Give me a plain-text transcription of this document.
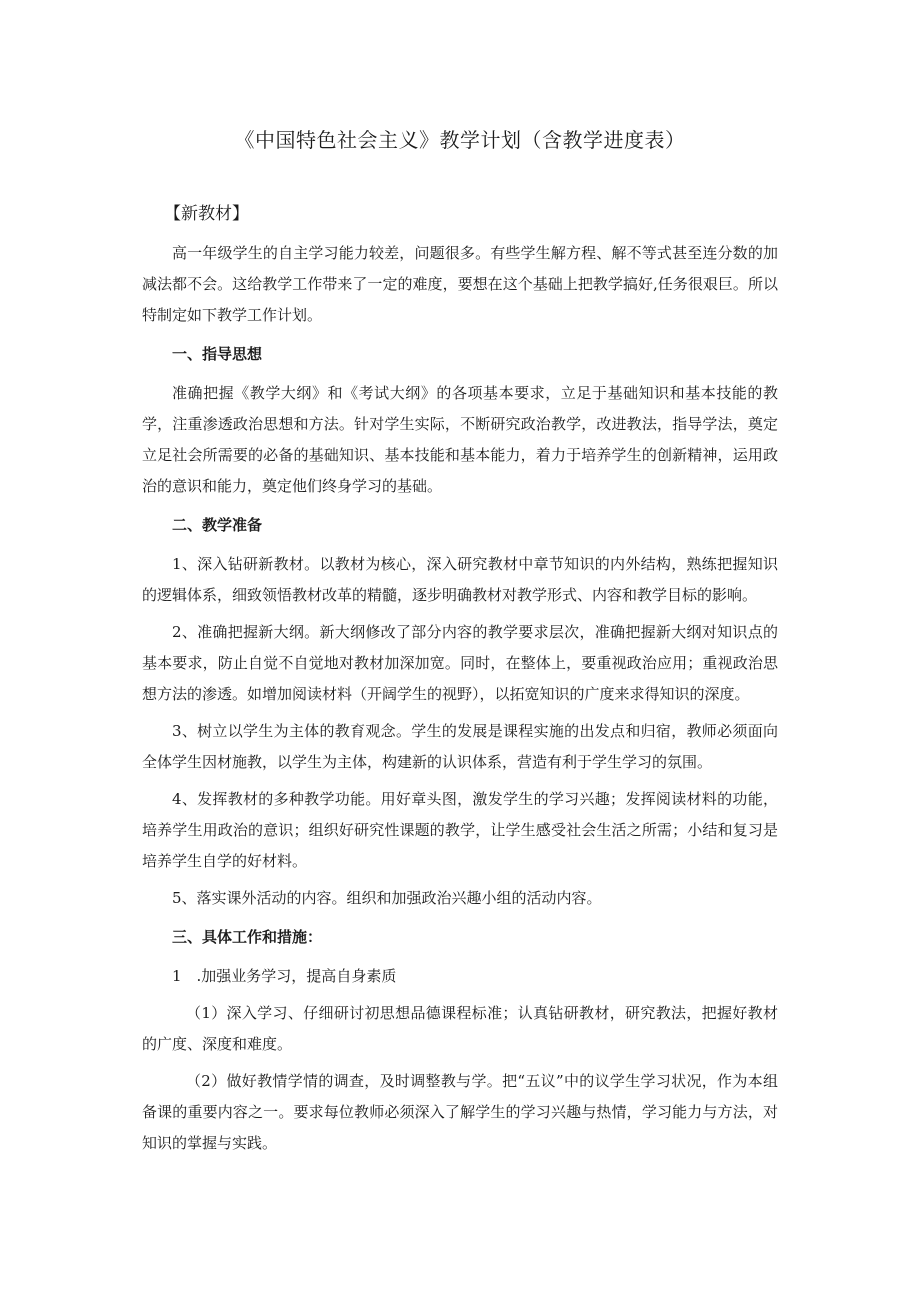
《中国特色社会主义》教学计划（含教学进度表）
【新教材】

高一年级学生的自主学习能力较差，问题很多。有些学生解方程、解不等式甚至连分数的加减法都不会。这给教学工作带来了一定的难度，要想在这个基础上把教学搞好,任务很艰巨。所以特制定如下教学工作计划。

一、指导思想

准确把握《教学大纲》和《考试大纲》的各项基本要求，立足于基础知识和基本技能的教学，注重渗透政治思想和方法。针对学生实际，不断研究政治教学，改进教法，指导学法，奠定立足社会所需要的必备的基础知识、基本技能和基本能力，着力于培养学生的创新精神，运用政治的意识和能力，奠定他们终身学习的基础。

二、教学准备

1、深入钻研新教材。以教材为核心，深入研究教材中章节知识的内外结构，熟练把握知识的逻辑体系，细致领悟教材改革的精髓，逐步明确教材对教学形式、内容和教学目标的影响。

2、准确把握新大纲。新大纲修改了部分内容的教学要求层次，准确把握新大纲对知识点的基本要求，防止自觉不自觉地对教材加深加宽。同时，在整体上，要重视政治应用；重视政治思想方法的渗透。如增加阅读材料（开阔学生的视野），以拓宽知识的广度来求得知识的深度。

3、树立以学生为主体的教育观念。学生的发展是课程实施的出发点和归宿，教师必须面向全体学生因材施教，以学生为主体，构建新的认识体系，营造有利于学生学习的氛围。

4、发挥教材的多种教学功能。用好章头图，激发学生的学习兴趣；发挥阅读材料的功能，培养学生用政治的意识；组织好研究性课题的教学，让学生感受社会生活之所需；小结和复习是培养学生自学的好材料。

5、落实课外活动的内容。组织和加强政治兴趣小组的活动内容。

三、具体工作和措施：

1　.加强业务学习，提高自身素质

（1）深入学习、仔细研讨初思想品德课程标准；认真钻研教材，研究教法，把握好教材的广度、深度和难度。

（2）做好教情学情的调查，及时调整教与学。把“五议”中的议学生学习状况，作为本组备课的重要内容之一。要求每位教师必须深入了解学生的学习兴趣与热情，学习能力与方法，对知识的掌握与实践。
